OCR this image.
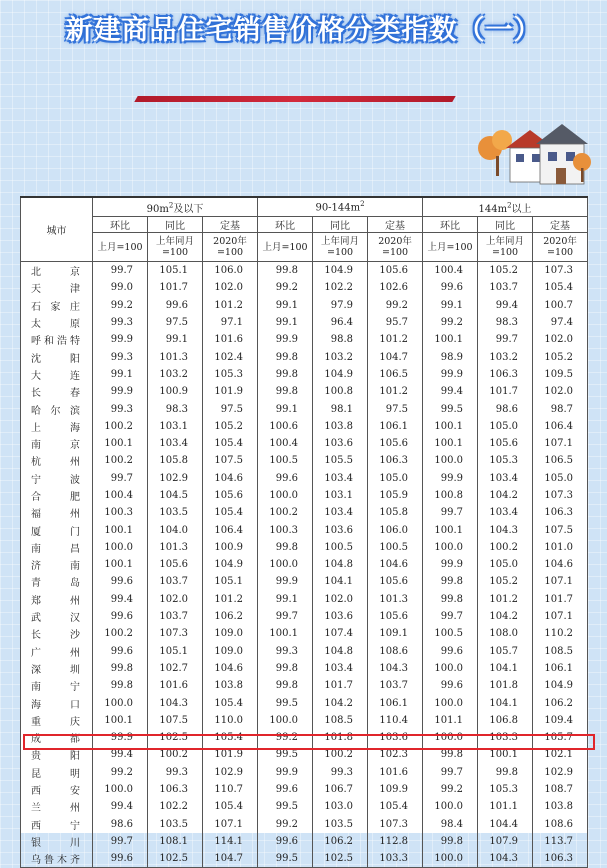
新建商品住宅销售价格分类指数（一）
城市	$90m^2$及以下			$90-144m^2$			$144m^2$以上		
	环比	同比	定基	环比	同比	定基	环比	同比	定基
	上月=100	上年同月=100	2020年=100	上月=100	上年同月=100	2020年=100	上月=100	上年同月=100	2020年=100
北京	99.7	105.1	106.0	99.8	104.9	105.6	100.4	105.2	107.3
天津	99.0	101.7	102.0	99.2	102.2	102.6	99.6	103.7	105.4
石家庄	99.2	99.6	101.2	99.1	97.9	99.2	99.1	99.4	100.7
太原	99.3	97.5	97.1	99.1	96.4	95.7	99.2	98.3	97.4
呼和浩特	99.9	99.1	101.6	99.9	98.8	101.2	100.1	99.7	102.0
沈阳	99.3	101.3	102.4	99.8	103.2	104.7	98.9	103.2	105.2
大连	99.1	103.2	105.3	99.8	104.9	106.5	99.9	106.3	109.5
长春	99.9	100.9	101.9	99.8	100.8	101.2	99.4	101.7	102.0
哈尔滨	99.3	98.3	97.5	99.1	98.1	97.5	99.5	98.6	98.7
上海	100.2	103.1	105.2	100.6	103.8	106.1	100.1	105.0	106.4
南京	100.1	103.4	105.4	100.4	103.6	105.6	100.1	105.6	107.1
杭州	100.2	105.8	107.5	100.5	105.5	106.3	100.0	105.3	106.5
宁波	99.7	102.9	104.6	99.6	103.4	105.0	99.9	103.4	105.0
合肥	100.4	104.5	105.6	100.0	103.1	105.9	100.8	104.2	107.3
福州	100.3	103.5	105.4	100.2	103.4	105.8	99.7	103.4	106.3
厦门	100.1	104.0	106.4	100.3	103.6	106.0	100.1	104.3	107.5
南昌	100.0	101.3	100.9	99.8	100.5	100.5	100.0	100.2	101.0
济南	100.1	105.6	104.9	100.0	104.8	104.6	99.9	105.0	104.6
青岛	99.6	103.7	105.1	99.9	104.1	105.6	99.8	105.2	107.1
郑州	99.4	102.0	101.2	99.1	102.0	101.3	99.8	101.2	101.7
武汉	99.6	103.7	106.2	99.7	103.6	105.6	99.7	104.2	107.1
长沙	100.2	107.3	109.0	100.1	107.4	109.1	100.5	108.0	110.2
广州	99.6	105.1	109.0	99.3	104.8	108.6	99.6	105.7	108.5
深圳	99.8	102.7	104.6	99.8	103.4	104.3	100.0	104.1	106.1
南宁	99.8	101.6	103.8	99.8	101.7	103.7	99.6	101.8	104.9
海口	100.0	104.3	105.4	99.5	104.2	106.1	100.0	104.1	106.2
重庆	100.1	107.5	110.0	100.0	108.5	110.4	101.1	106.8	109.4
成都	99.9	102.5	105.4	99.2	101.8	103.6	100.0	103.3	105.7
贵阳	99.4	100.2	101.9	99.5	100.2	102.3	99.8	100.1	102.1
昆明	99.2	99.3	102.9	99.9	99.3	101.6	99.7	99.8	102.9
西安	100.0	106.3	110.7	99.6	106.7	109.9	99.2	105.3	108.7
兰州	99.4	102.2	105.4	99.5	103.0	105.4	100.0	101.1	103.8
西宁	98.6	103.5	107.1	99.2	103.5	107.3	98.4	104.4	108.6
银川	99.7	108.1	114.1	99.6	106.2	112.8	99.8	107.9	113.7
乌鲁木齐	99.6	102.5	104.7	99.5	102.5	103.3	100.0	104.3	106.3
